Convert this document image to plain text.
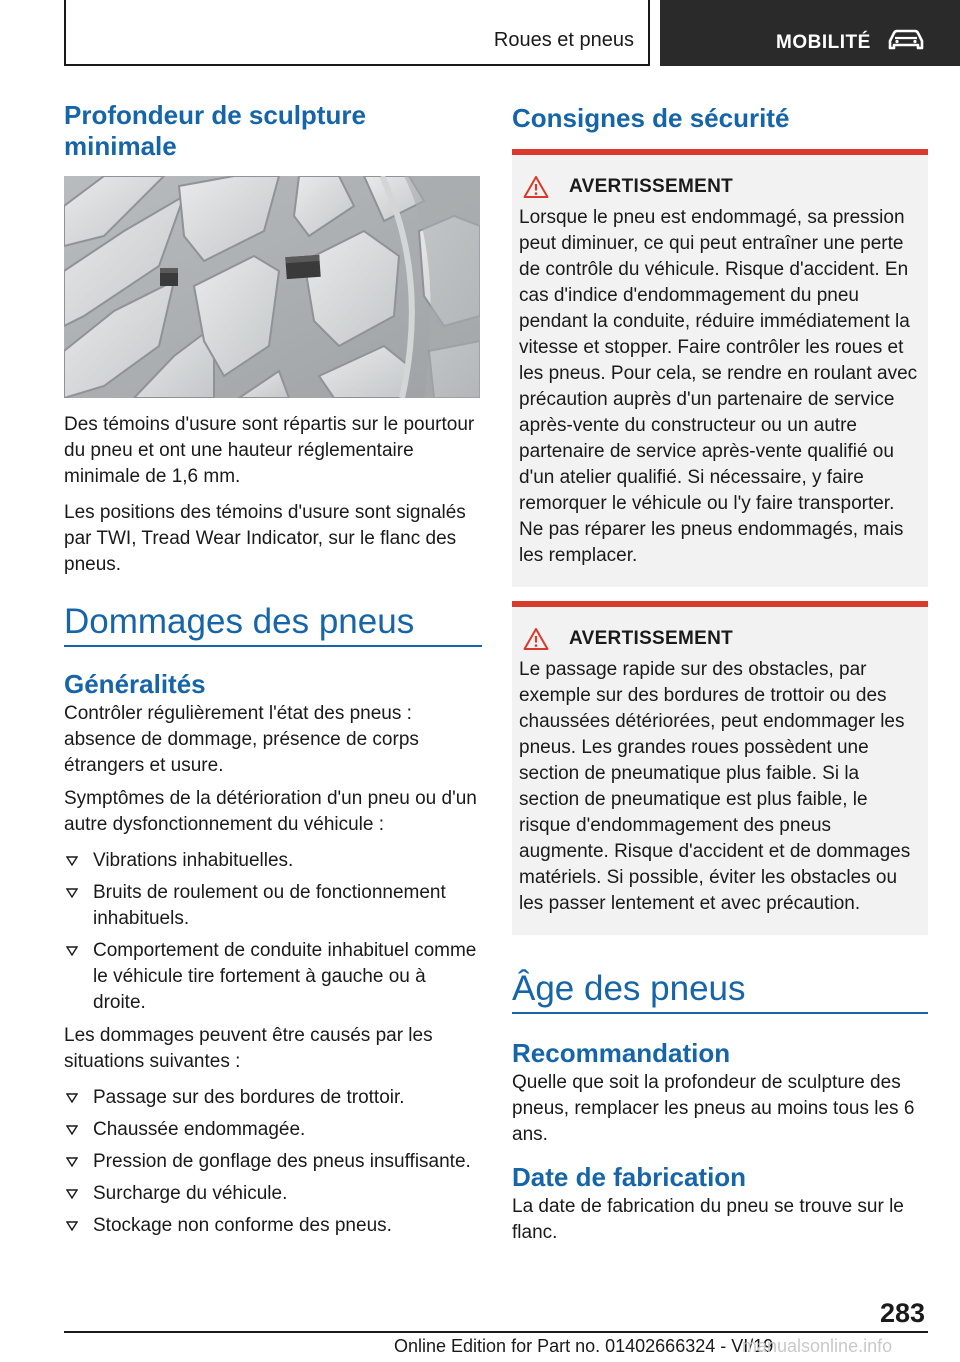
Roues et pneus	MOBILITÉ
Profondeur de sculpture minimale

Des témoins d'usure sont répartis sur le pourtour du pneu et ont une hauteur réglementaire minimale de 1,6 mm.

Les positions des témoins d'usure sont signalés par TWI, Tread Wear Indicator, sur le flanc des pneus.

Dommages des pneus
Généralités

Contrôler régulièrement l'état des pneus : absence de dommage, présence de corps étrangers et usure.

Symptômes de la détérioration d'un pneu ou d'un autre dysfonctionnement du véhicule :

Vibrations inhabituelles.
Bruits de roulement ou de fonctionnement inhabituels.
Comportement de conduite inhabituel comme le véhicule tire fortement à gauche ou à droite.

Les dommages peuvent être causés par les situations suivantes :

Passage sur des bordures de trottoir.
Chaussée endommagée.
Pression de gonflage des pneus insuffisante.
Surcharge du véhicule.
Stockage non conforme des pneus.
Consignes de sécurité
AVERTISSEMENT

Lorsque le pneu est endommagé, sa pression peut diminuer, ce qui peut entraîner une perte de contrôle du véhicule. Risque d'accident. En cas d'indice d'endommagement du pneu pendant la conduite, réduire immédiatement la vitesse et stopper. Faire contrôler les roues et les pneus. Pour cela, se rendre en roulant avec précaution auprès d'un partenaire de service après-vente du constructeur ou un autre partenaire de service après-vente qualifié ou d'un atelier qualifié. Si nécessaire, y faire remorquer le véhicule ou l'y faire transporter. Ne pas réparer les pneus endommagés, mais les remplacer.

AVERTISSEMENT

Le passage rapide sur des obstacles, par exemple sur des bordures de trottoir ou des chaussées détériorées, peut endommager les pneus. Les grandes roues possèdent une section de pneumatique plus faible. Si la section de pneumatique est plus faible, le risque d'endommagement des pneus augmente. Risque d'accident et de dommages matériels. Si possible, éviter les obstacles ou les passer lentement et avec précaution.

Âge des pneus
Recommandation

Quelle que soit la profondeur de sculpture des pneus, remplacer les pneus au moins tous les 6 ans.

Date de fabrication

La date de fabrication du pneu se trouve sur le flanc.

283
Online Edition for Part no. 01402666324 - VI/19
manualsonline.info
